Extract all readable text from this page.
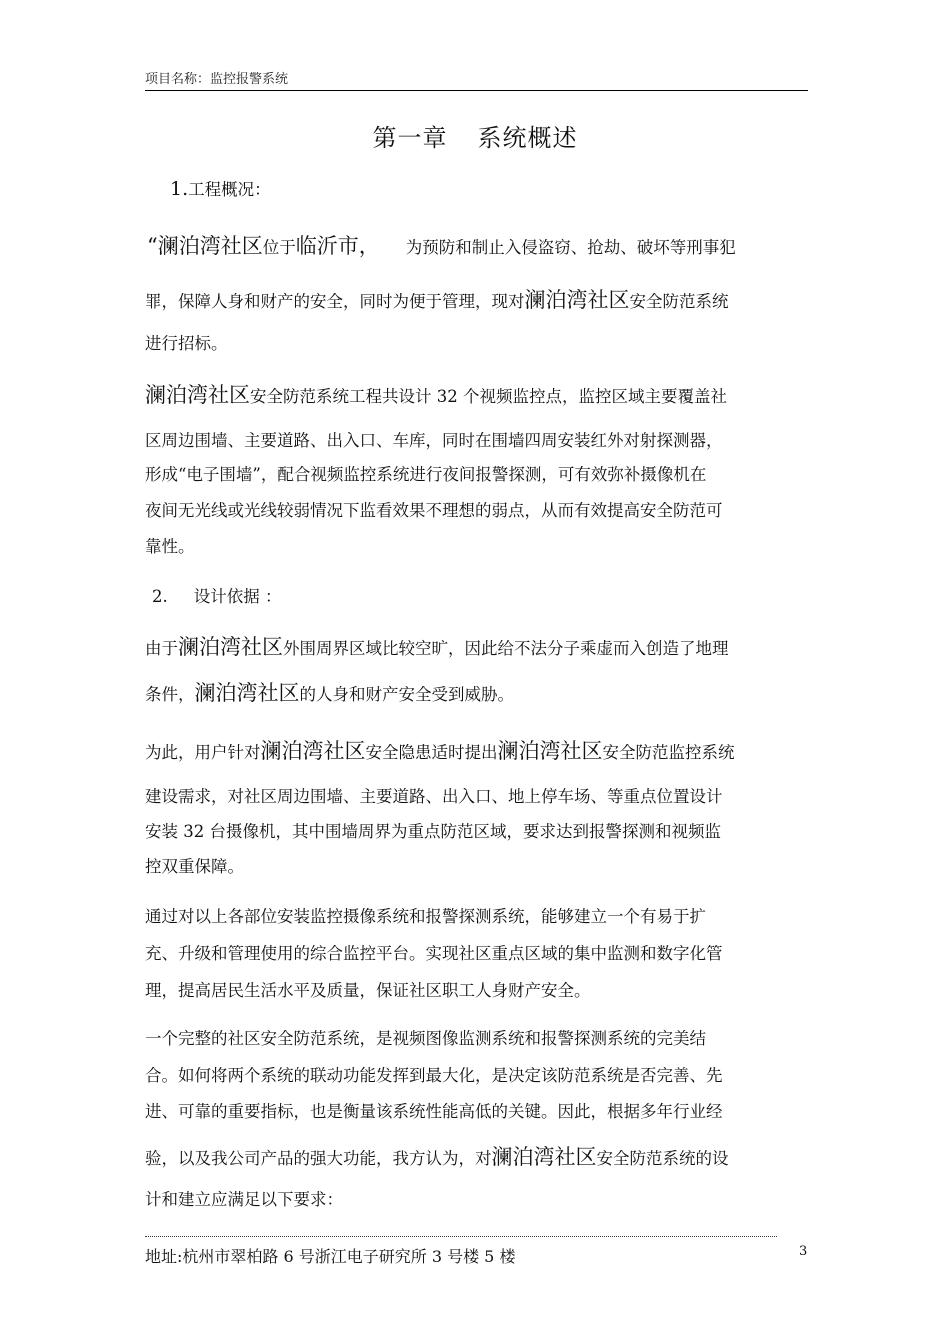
项目名称：监控报警系统
第一章 系统概述
1.工程概况：
“澜泊湾社区位于临沂市， 为预防和制止入侵盗窃、抢劫、破坏等刑事犯
罪，保障人身和财产的安全，同时为便于管理，现对澜泊湾社区安全防范系统
进行招标。
澜泊湾社区安全防范系统工程共设计 32 个视频监控点，监控区域主要覆盖社
区周边围墙、主要道路、出入口、车库，同时在围墙四周安装红外对射探测器，
形成“电子围墙”，配合视频监控系统进行夜间报警探测，可有效弥补摄像机在
夜间无光线或光线较弱情况下监看效果不理想的弱点，从而有效提高安全防范可
靠性。
2. 设计依据 ：
由于澜泊湾社区外围周界区域比较空旷，因此给不法分子乘虚而入创造了地理
条件，澜泊湾社区的人身和财产安全受到威胁。
为此，用户针对澜泊湾社区安全隐患适时提出澜泊湾社区安全防范监控系统
建设需求，对社区周边围墙、主要道路、出入口、地上停车场、等重点位置设计
安装 32 台摄像机，其中围墙周界为重点防范区域，要求达到报警探测和视频监
控双重保障。
通过对以上各部位安装监控摄像系统和报警探测系统，能够建立一个有易于扩
充、升级和管理使用的综合监控平台。实现社区重点区域的集中监测和数字化管
理，提高居民生活水平及质量，保证社区职工人身财产安全。
一个完整的社区安全防范系统，是视频图像监测系统和报警探测系统的完美结
合。如何将两个系统的联动功能发挥到最大化，是决定该防范系统是否完善、先
进、可靠的重要指标，也是衡量该系统性能高低的关键。因此，根据多年行业经
验，以及我公司产品的强大功能，我方认为，对澜泊湾社区安全防范系统的设
计和建立应满足以下要求：
地址:杭州市翠柏路 6 号浙江电子研究所 3 号楼 5 楼	3
